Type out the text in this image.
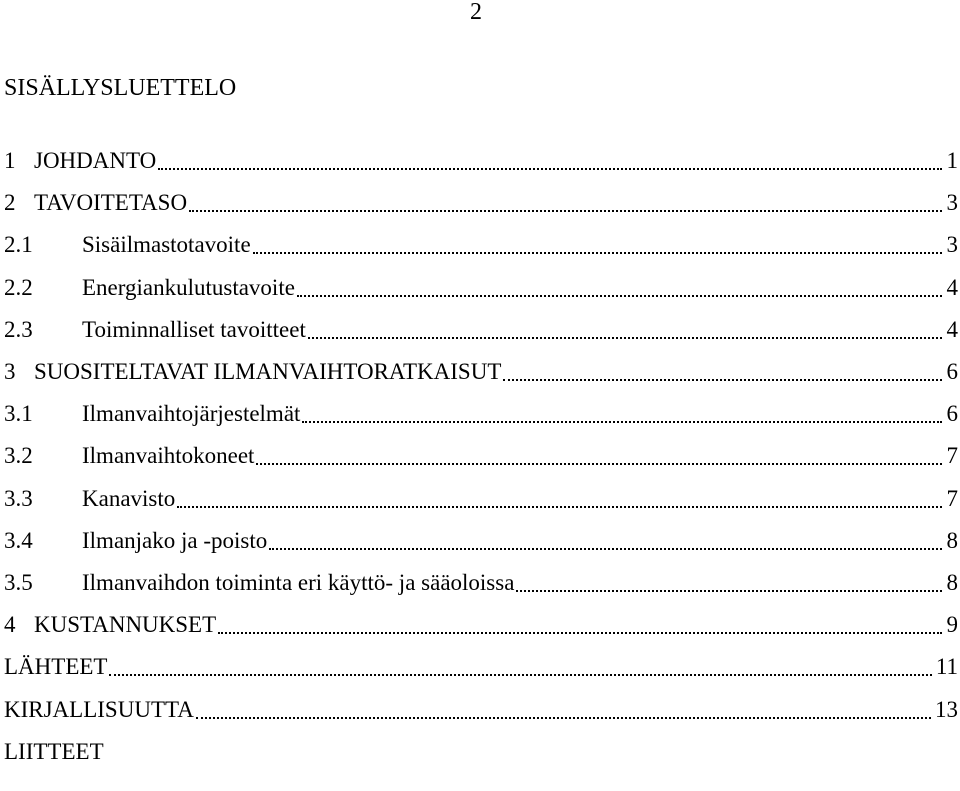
2
SISÄLLYSLUETTELO
1 JOHDANTO	1
2 TAVOITETASO	3
2.1 Sisäilmastotavoite	3
2.2 Energiankulutustavoite	4
2.3 Toiminnalliset tavoitteet	4
3 SUOSITELTAVAT ILMANVAIHTORATKAISUT	6
3.1 Ilmanvaihtojärjestelmät	6
3.2 Ilmanvaihtokoneet	7
3.3 Kanavisto	7
3.4 Ilmanjako ja -poisto	8
3.5 Ilmanvaihdon toiminta eri käyttö- ja sääoloissa	8
4 KUSTANNUKSET	9
LÄHTEET	11
KIRJALLISUUTTA	13
LIITTEET
